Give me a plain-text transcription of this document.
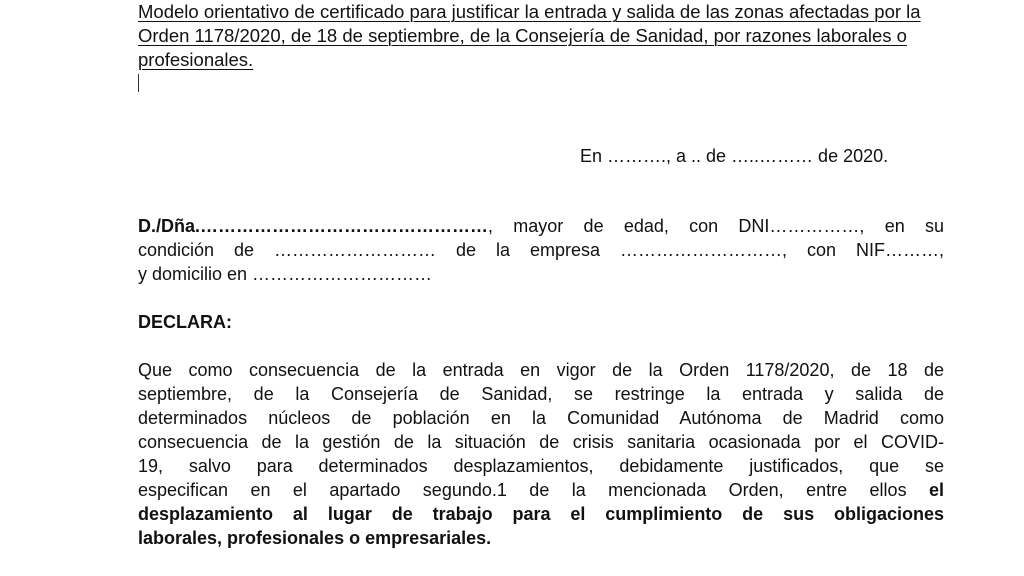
Modelo orientativo de certificado para justificar la entrada y salida de las zonas afectadas por la Orden 1178/2020, de 18 de septiembre, de la Consejería de Sanidad, por razones laborales o profesionales.

En ………., a .. de …..……… de 2020.
D./Dña.…………………………………………, mayor de edad, con DNI……………, en su
condición de ……………………… de la empresa ………………………, con NIF………,
y domicilio en …………………………

DECLARA:

Que como consecuencia de la entrada en vigor de la Orden 1178/2020, de 18 de
septiembre, de la Consejería de Sanidad, se restringe la entrada y salida de
determinados núcleos de población en la Comunidad Autónoma de Madrid como
consecuencia de la gestión de la situación de crisis sanitaria ocasionada por el COVID-
19, salvo para determinados desplazamientos, debidamente justificados, que se
especifican en el apartado segundo.1 de la mencionada Orden, entre ellos el
desplazamiento al lugar de trabajo para el cumplimiento de sus obligaciones
laborales, profesionales o empresariales.
